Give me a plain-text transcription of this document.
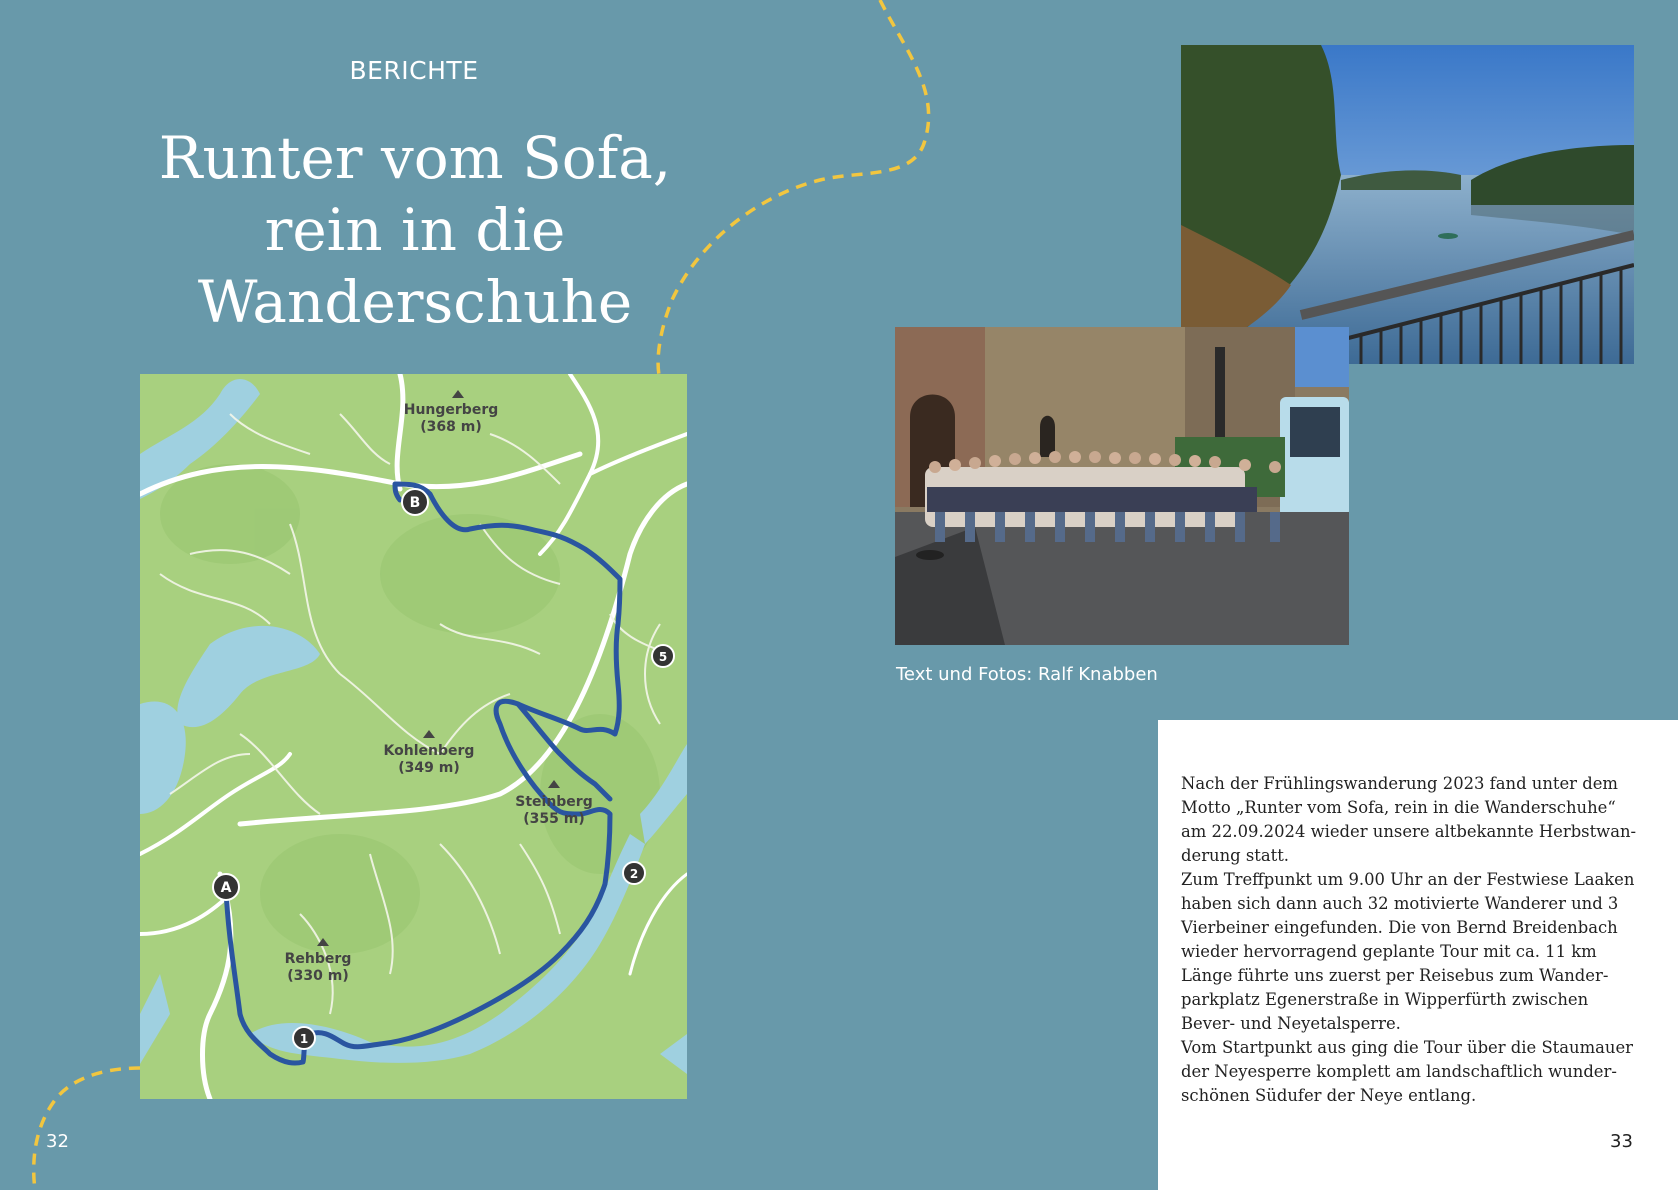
BERICHTE
Runter vom Sofa,
rein in die
Wanderschuhe
A
B
1
2
5
Hungerberg
(368 m)
Kohlenberg
(349 m)
Steinberg
(355 m)
Rehberg
(330 m)
Text und Fotos: Ralf Knabben

Nach der Frühlingswanderung 2023 fand unter dem

Motto „Runter vom Sofa, rein in die Wanderschuhe“

am 22.09.2024 wieder unsere altbekannte Herbstwan-

derung statt.

Zum Treffpunkt um 9.00 Uhr an der Festwiese Laaken

haben sich dann auch 32 motivierte Wanderer und 3

Vierbeiner eingefunden. Die von Bernd Breidenbach

wieder hervorragend geplante Tour mit ca. 11 km

Länge führte uns zuerst per Reisebus zum Wander-

parkplatz Egenerstraße in Wipperfürth zwischen

Bever- und Neyetalsperre.

Vom Startpunkt aus ging die Tour über die Staumauer

der Neyesperre komplett am landschaftlich wunder-

schönen Südufer der Neye entlang.

32	33
